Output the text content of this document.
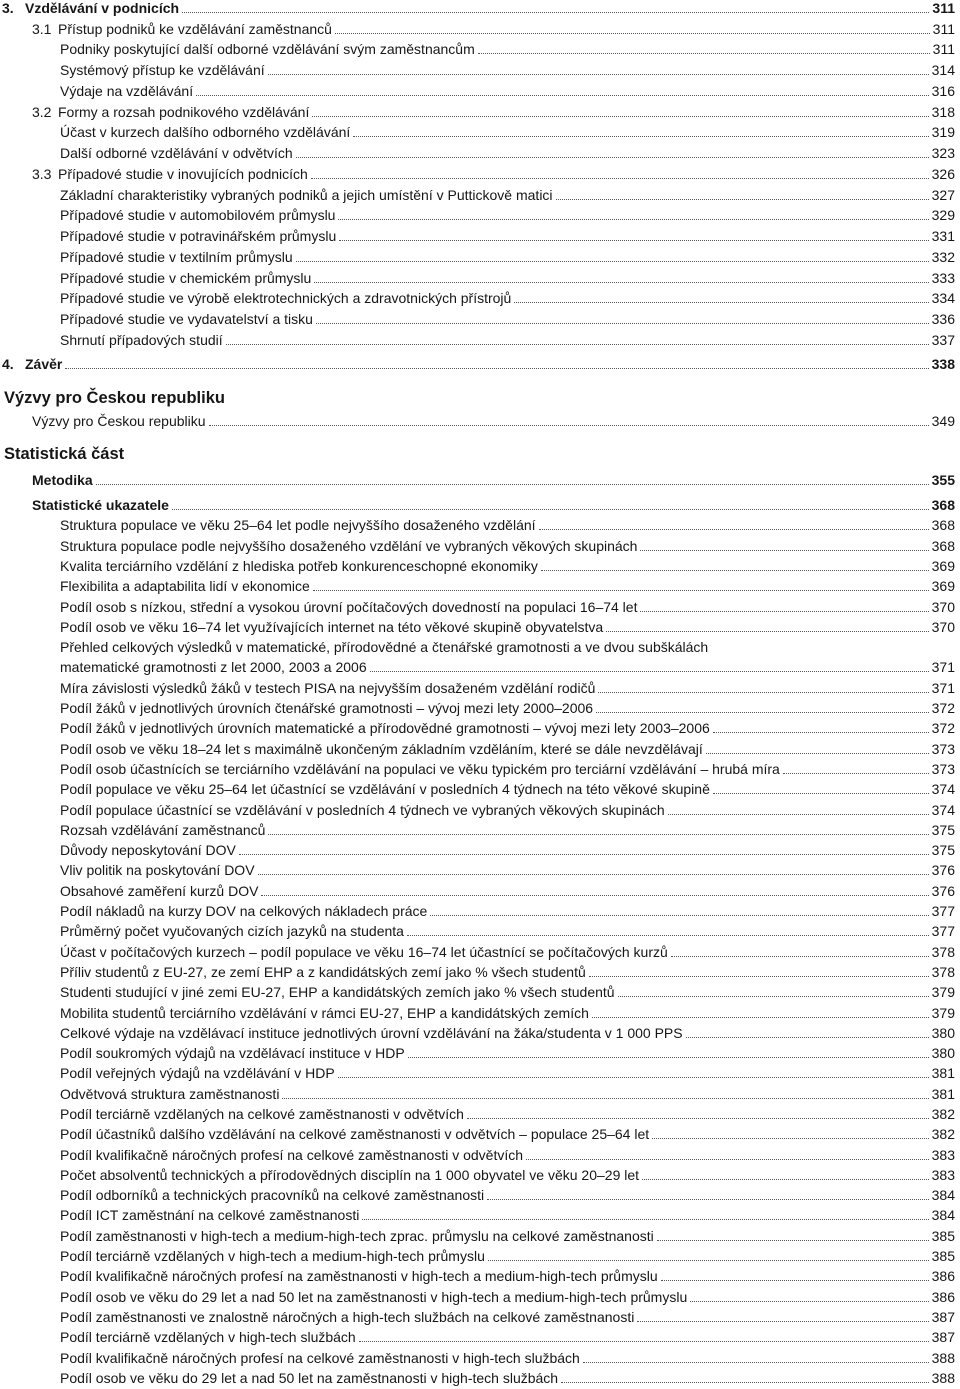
3. Vzdělávání v podnicích	311
3.1 Přístup podniků ke vzdělávání zaměstnanců	311
Podniky poskytující další odborné vzdělávání svým zaměstnancům	311
Systémový přístup ke vzdělávání	314
Výdaje na vzdělávání	316
3.2 Formy a rozsah podnikového vzdělávání	318
Účast v kurzech dalšího odborného vzdělávání	319
Další odborné vzdělávání v odvětvích	323
3.3 Případové studie v inovujících podnicích	326
Základní charakteristiky vybraných podniků a jejich umístění v Puttickově matici	327
Případové studie v automobilovém průmyslu	329
Případové studie v potravinářském průmyslu	331
Případové studie v textilním průmyslu	332
Případové studie v chemickém průmyslu	333
Případové studie ve výrobě elektrotechnických a zdravotnických přístrojů	334
Případové studie ve vydavatelství a tisku	336
Shrnutí případových studií	337
4. Závěr	338
Výzvy pro Českou republiku
Výzvy pro Českou republiku	349
Statistická část
Metodika	355
Statistické ukazatele	368
Struktura populace ve věku 25–64 let podle nejvyššího dosaženého vzdělání	368
Struktura populace podle nejvyššího dosaženého vzdělání ve vybraných věkových skupinách	368
Kvalita terciárního vzdělání z hlediska potřeb konkurenceschopné ekonomiky	369
Flexibilita a adaptabilita lidí v ekonomice	369
Podíl osob s nízkou, střední a vysokou úrovní počítačových dovedností na populaci 16–74 let	370
Podíl osob ve věku 16–74 let využívajících internet na této věkové skupině obyvatelstva	370
Přehled celkových výsledků v matematické, přírodovědné a čtenářské gramotnosti a ve dvou subškálách
matematické gramotnosti z let 2000, 2003 a 2006	371
Míra závislosti výsledků žáků v testech PISA na nejvyšším dosaženém vzdělání rodičů	371
Podíl žáků v jednotlivých úrovních čtenářské gramotnosti – vývoj mezi lety 2000–2006	372
Podíl žáků v jednotlivých úrovních matematické a přírodovědné gramotnosti – vývoj mezi lety 2003–2006	372
Podíl osob ve věku 18–24 let s maximálně ukončeným základním vzděláním, které se dále nevzdělávají	373
Podíl osob účastnících se terciárního vzdělávání na populaci ve věku typickém pro terciární vzdělávání – hrubá míra	373
Podíl populace ve věku 25–64 let účastnící se vzdělávání v posledních 4 týdnech na této věkové skupině	374
Podíl populace účastnící se vzdělávání v posledních 4 týdnech ve vybraných věkových skupinách	374
Rozsah vzdělávání zaměstnanců	375
Důvody neposkytování DOV	375
Vliv politik na poskytování DOV	376
Obsahové zaměření kurzů DOV	376
Podíl nákladů na kurzy DOV na celkových nákladech práce	377
Průměrný počet vyučovaných cizích jazyků na studenta	377
Účast v počítačových kurzech – podíl populace ve věku 16–74 let účastnící se počítačových kurzů	378
Příliv studentů z EU-27, ze zemí EHP a z kandidátských zemí jako % všech studentů	378
Studenti studující v jiné zemi EU-27, EHP a kandidátských zemích jako % všech studentů	379
Mobilita studentů terciárního vzdělávání v rámci EU-27, EHP a kandidátských zemích	379
Celkové výdaje na vzdělávací instituce jednotlivých úrovní vzdělávání na žáka/studenta v 1 000 PPS	380
Podíl soukromých výdajů na vzdělávací instituce v HDP	380
Podíl veřejných výdajů na vzdělávání v HDP	381
Odvětvová struktura zaměstnanosti	381
Podíl terciárně vzdělaných na celkové zaměstnanosti v odvětvích	382
Podíl účastníků dalšího vzdělávání na celkové zaměstnanosti v odvětvích – populace 25–64 let	382
Podíl kvalifikačně náročných profesí na celkové zaměstnanosti v odvětvích	383
Počet absolventů technických a přírodovědných disciplín na 1 000 obyvatel ve věku 20–29 let	383
Podíl odborníků a technických pracovníků na celkové zaměstnanosti	384
Podíl ICT zaměstnání na celkové zaměstnanosti	384
Podíl zaměstnanosti v high-tech a medium-high-tech zprac. průmyslu na celkové zaměstnanosti	385
Podíl terciárně vzdělaných v high-tech a medium-high-tech průmyslu	385
Podíl kvalifikačně náročných profesí na zaměstnanosti v high-tech a medium-high-tech průmyslu	386
Podíl osob ve věku do 29 let a nad 50 let na zaměstnanosti v high-tech a medium-high-tech průmyslu	386
Podíl zaměstnanosti ve znalostně náročných a high-tech službách na celkové zaměstnanosti	387
Podíl terciárně vzdělaných v high-tech službách	387
Podíl kvalifikačně náročných profesí na celkové zaměstnanosti v high-tech službách	388
Podíl osob ve věku do 29 let a nad 50 let na zaměstnanosti v high-tech službách	388
